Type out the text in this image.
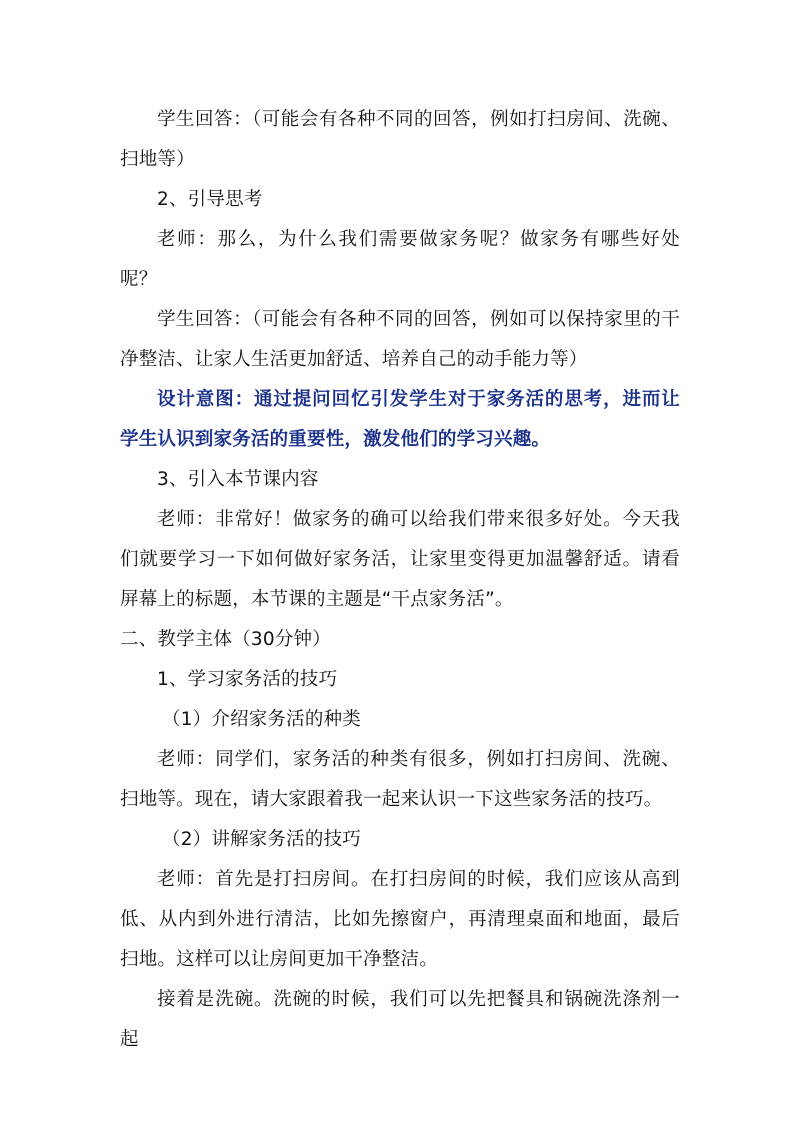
学生回答：（可能会有各种不同的回答，例如打扫房间、洗碗、扫地等）

2、引导思考

老师：那么，为什么我们需要做家务呢？做家务有哪些好处呢？

学生回答：（可能会有各种不同的回答，例如可以保持家里的干净整洁、让家人生活更加舒适、培养自己的动手能力等）

设计意图：通过提问回忆引发学生对于家务活的思考，进而让学生认识到家务活的重要性，激发他们的学习兴趣。

3、引入本节课内容

老师：非常好！做家务的确可以给我们带来很多好处。今天我们就要学习一下如何做好家务活，让家里变得更加温馨舒适。请看屏幕上的标题，本节课的主题是“干点家务活”。

二、教学主体（30分钟）

1、学习家务活的技巧

（1）介绍家务活的种类

老师：同学们，家务活的种类有很多，例如打扫房间、洗碗、扫地等。现在，请大家跟着我一起来认识一下这些家务活的技巧。

（2）讲解家务活的技巧

老师：首先是打扫房间。在打扫房间的时候，我们应该从高到低、从内到外进行清洁，比如先擦窗户，再清理桌面和地面，最后扫地。这样可以让房间更加干净整洁。

接着是洗碗。洗碗的时候，我们可以先把餐具和锅碗洗涤剂一起
